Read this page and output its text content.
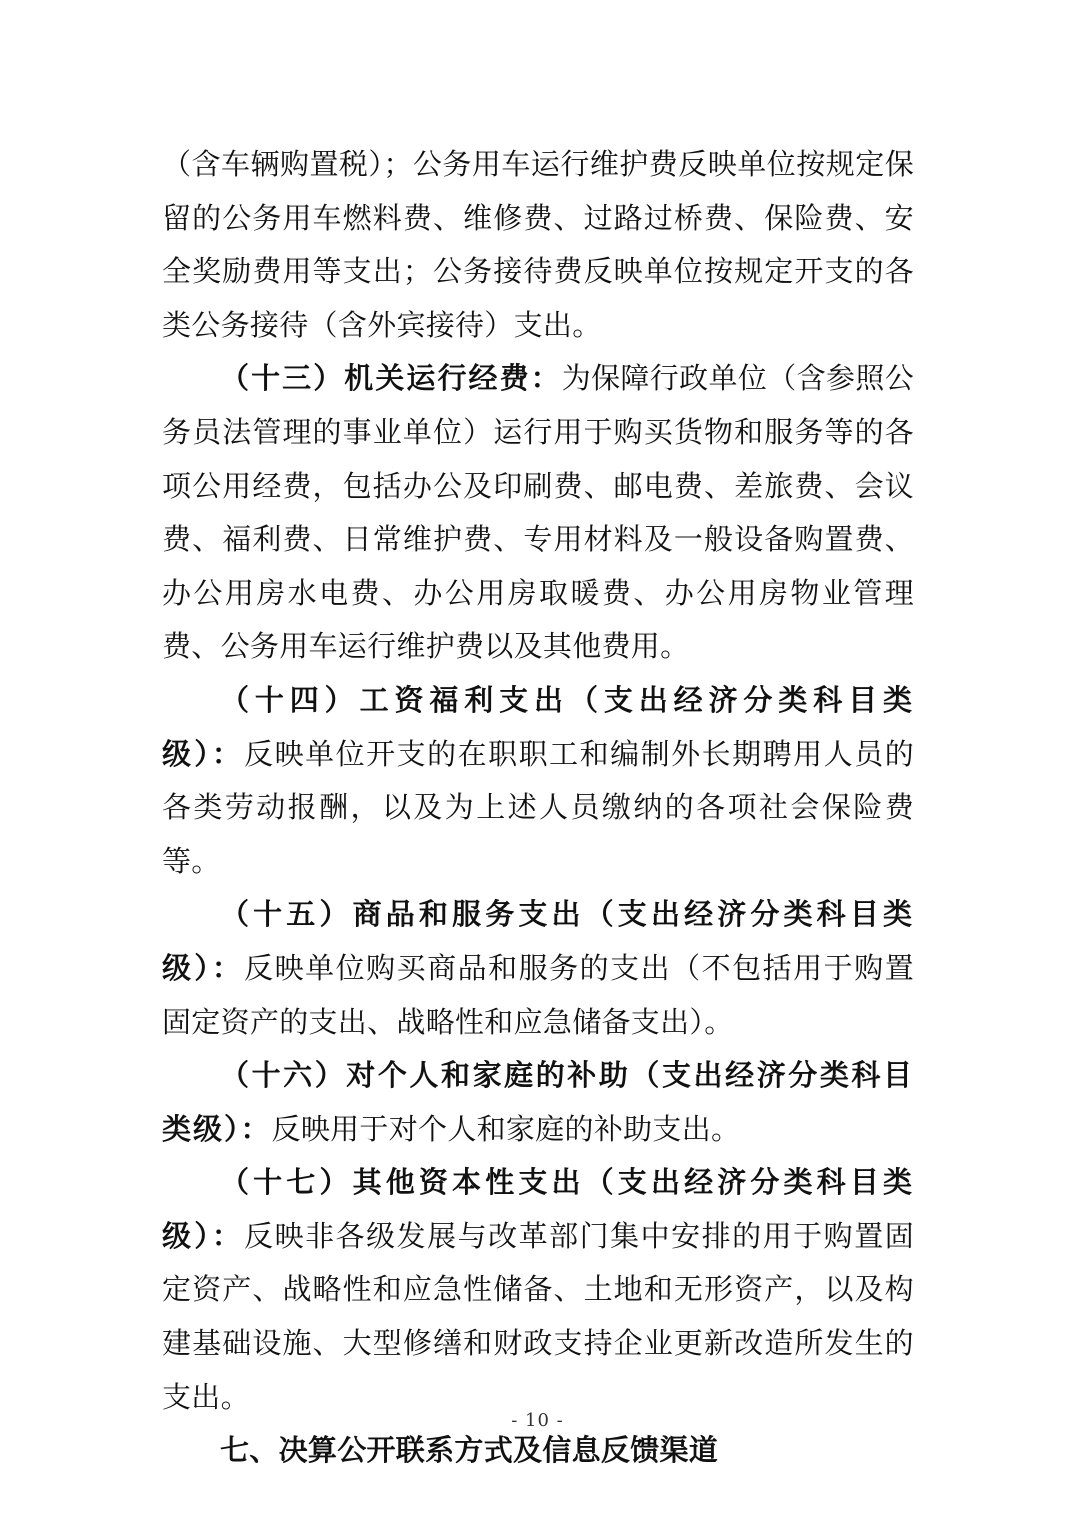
（含车辆购置税）；公务用车运行维护费反映单位按规定保留的公务用车燃料费、维修费、过路过桥费、保险费、安全奖励费用等支出；公务接待费反映单位按规定开支的各类公务接待（含外宾接待）支出。

（十三）机关运行经费：为保障行政单位（含参照公务员法管理的事业单位）运行用于购买货物和服务等的各项公用经费，包括办公及印刷费、邮电费、差旅费、会议费、福利费、日常维护费、专用材料及一般设备购置费、办公用房水电费、办公用房取暖费、办公用房物业管理费、公务用车运行维护费以及其他费用。

（十四）工资福利支出（支出经济分类科目类级）：反映单位开支的在职职工和编制外长期聘用人员的各类劳动报酬，以及为上述人员缴纳的各项社会保险费等。

（十五）商品和服务支出（支出经济分类科目类级）：反映单位购买商品和服务的支出（不包括用于购置固定资产的支出、战略性和应急储备支出）。

（十六）对个人和家庭的补助（支出经济分类科目类级）：反映用于对个人和家庭的补助支出。

（十七）其他资本性支出（支出经济分类科目类级）：反映非各级发展与改革部门集中安排的用于购置固定资产、战略性和应急性储备、土地和无形资产，以及构建基础设施、大型修缮和财政支持企业更新改造所发生的支出。

七、决算公开联系方式及信息反馈渠道

- 10 -
